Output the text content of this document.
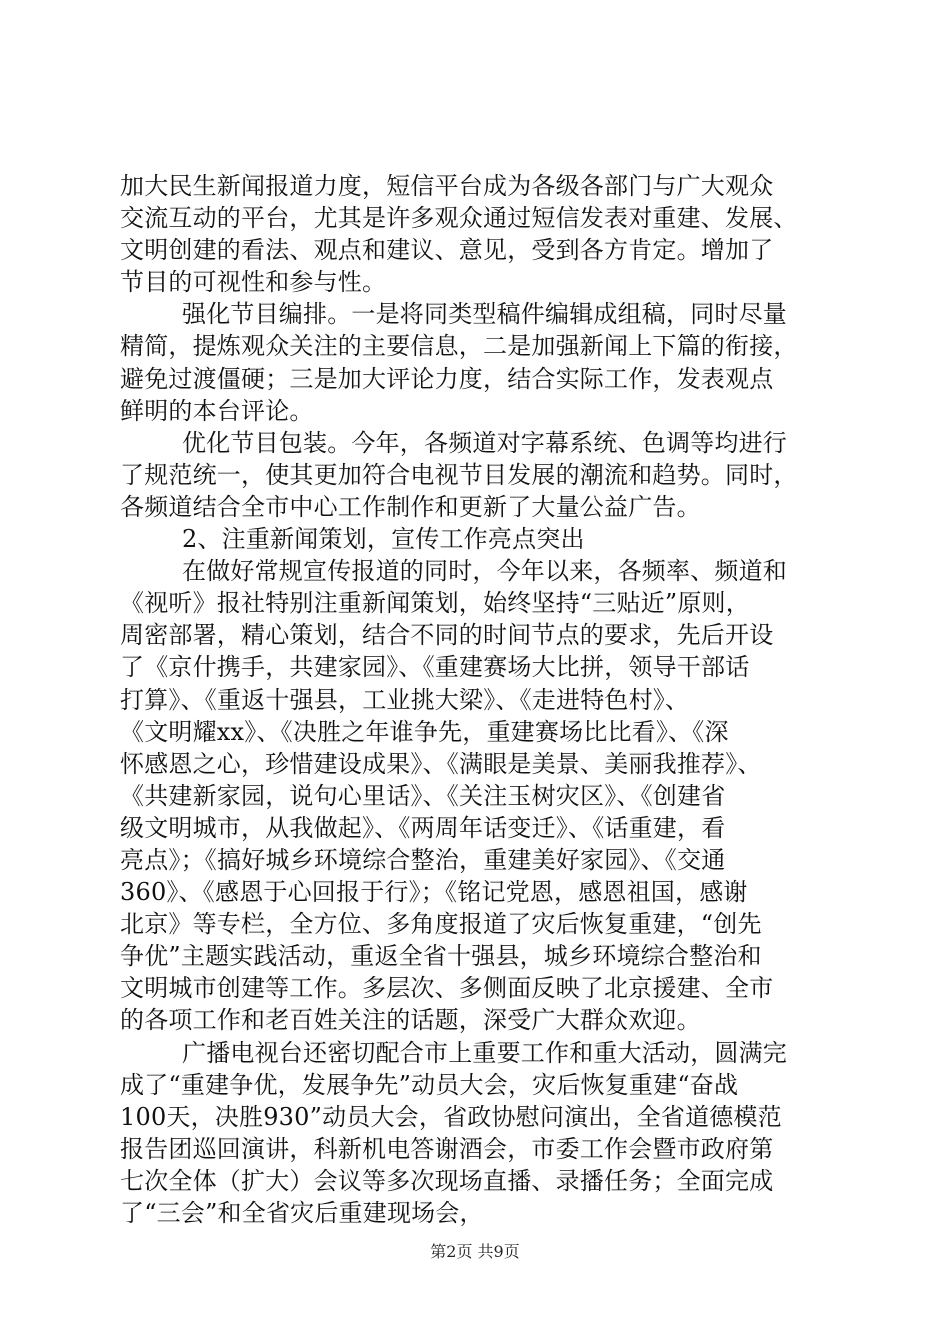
加大民生新闻报道力度，短信平台成为各级各部门与广大观众
交流互动的平台，尤其是许多观众通过短信发表对重建、发展、
文明创建的看法、观点和建议、意见，受到各方肯定。增加了
节目的可视性和参与性。
强化节目编排。一是将同类型稿件编辑成组稿，同时尽量
精简，提炼观众关注的主要信息，二是加强新闻上下篇的衔接，
避免过渡僵硬；三是加大评论力度，结合实际工作，发表观点
鲜明的本台评论。
优化节目包装。今年，各频道对字幕系统、色调等均进行
了规范统一，使其更加符合电视节目发展的潮流和趋势。同时，
各频道结合全市中心工作制作和更新了大量公益广告。
2、注重新闻策划，宣传工作亮点突出
在做好常规宣传报道的同时，今年以来，各频率、频道和
《视听》报社特别注重新闻策划，始终坚持“三贴近”原则，
周密部署，精心策划，结合不同的时间节点的要求，先后开设
了《京什携手，共建家园》、《重建赛场大比拼，领导干部话
打算》、《重返十强县，工业挑大梁》、《走进特色村》、
《文明耀xx》、《决胜之年谁争先，重建赛场比比看》、《深
怀感恩之心，珍惜建设成果》、《满眼是美景、美丽我推荐》、
《共建新家园，说句心里话》、《关注玉树灾区》、《创建省
级文明城市，从我做起》、《两周年话变迁》、《话重建，看
亮点》；《搞好城乡环境综合整治，重建美好家园》、《交通
360》、《感恩于心回报于行》；《铭记党恩，感恩祖国，感谢
北京》等专栏，全方位、多角度报道了灾后恢复重建，“创先
争优”主题实践活动，重返全省十强县，城乡环境综合整治和
文明城市创建等工作。多层次、多侧面反映了北京援建、全市
的各项工作和老百姓关注的话题，深受广大群众欢迎。
广播电视台还密切配合市上重要工作和重大活动，圆满完
成了“重建争优，发展争先”动员大会，灾后恢复重建“奋战
100天，决胜930”动员大会，省政协慰问演出，全省道德模范
报告团巡回演讲，科新机电答谢酒会，市委工作会暨市政府第
七次全体（扩大）会议等多次现场直播、录播任务；全面完成
了“三会”和全省灾后重建现场会，
第2页 共9页
